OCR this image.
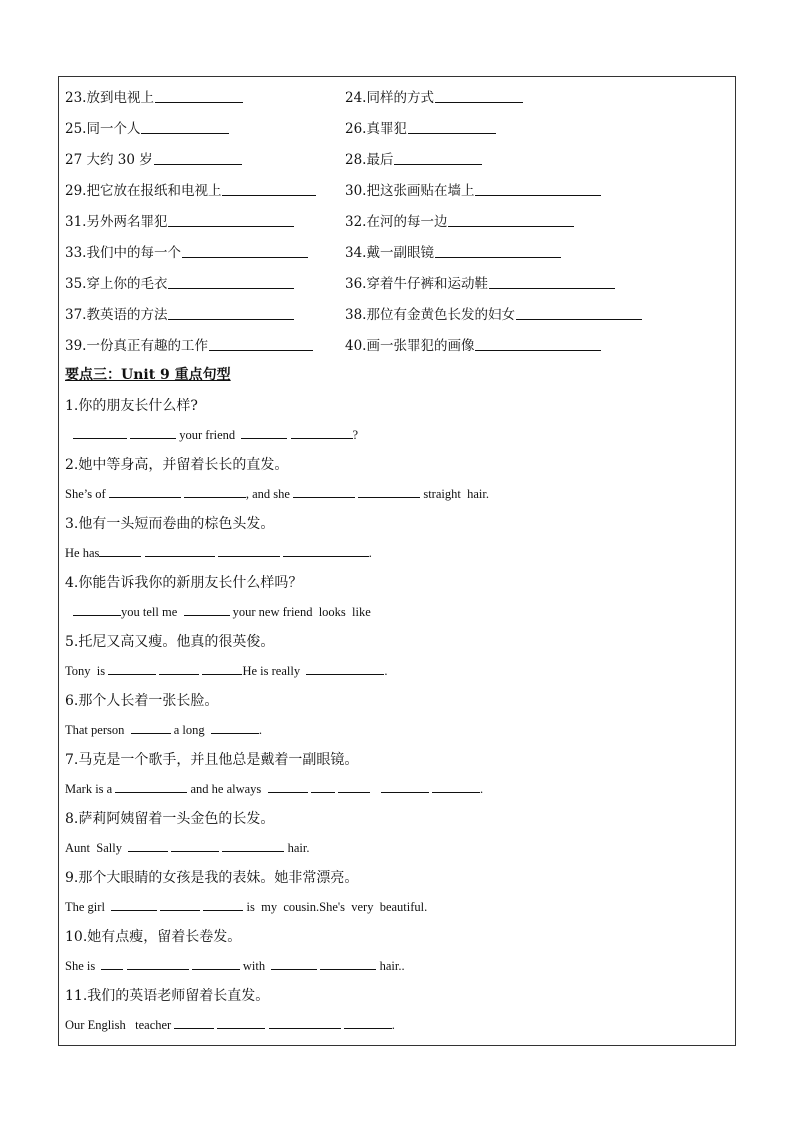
23.放到电视上	24.同样的方式
25.同一个人	26.真罪犯
27 大约 30 岁	28.最后
29.把它放在报纸和电视上	30.把这张画贴在墙上
31.另外两名罪犯	32.在河的每一边
33.我们中的每一个	34.戴一副眼镜
35.穿上你的毛衣	36.穿着牛仔裤和运动鞋
37.教英语的方法	38.那位有金黄色长发的妇女
39.一份真正有趣的工作	40.画一张罪犯的画像
要点三：Unit 9 重点句型
1.你的朋友长什么样?
your friend	?
2.她中等身高，并留着长长的直发。
She’s of	, and she	straight  hair.
3.他有一头短而卷曲的棕色头发。
He has	.
4.你能告诉我你的新朋友长什么样吗？
you tell me	your new friend  looks  like
5.托尼又高又瘦。他真的很英俊。
Tony  is	He is really	.
6.那个人长着一张长脸。
That person	a long	.
7.马克是一个歌手，并且他总是戴着一副眼镜。
Mark is a	and he always	.
8.萨莉阿姨留着一头金色的长发。
Aunt  Sally	hair.
9.那个大眼睛的女孩是我的表妹。她非常漂亮。
The girl	is  my  cousin.She's  very  beautiful.
10.她有点瘦，留着长卷发。
She is	with	hair..
11.我们的英语老师留着长直发。
Our English   teacher	.
